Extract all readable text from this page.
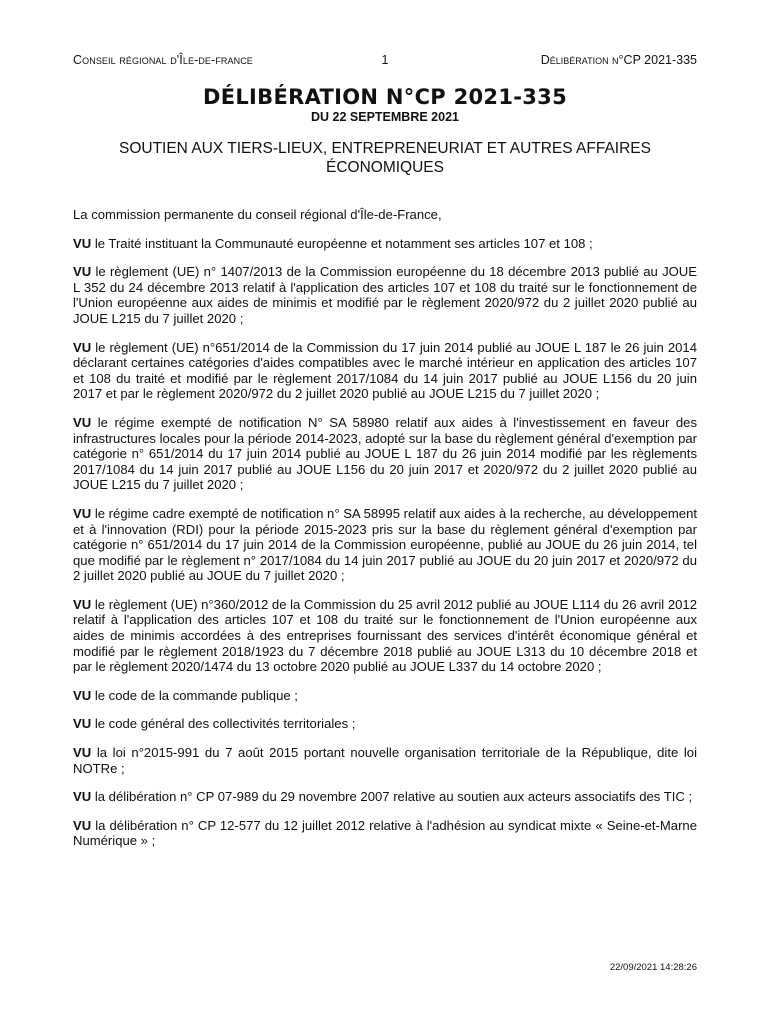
Conseil régional d'Île-de-france	1	Délibération n°CP 2021-335
DÉLIBÉRATION N°CP 2021-335
DU 22 SEPTEMBRE 2021
SOUTIEN AUX TIERS-LIEUX, ENTREPRENEURIAT ET AUTRES AFFAIRES
ÉCONOMIQUES

La commission permanente du conseil régional d'Île-de-France,

VU le Traité instituant la Communauté européenne et notamment ses articles 107 et 108 ;

VU le règlement (UE) n° 1407/2013 de la Commission européenne du 18 décembre 2013 publié au JOUE L 352 du 24 décembre 2013 relatif à l'application des articles 107 et 108 du traité sur le fonctionnement de l'Union européenne aux aides de minimis et modifié par le règlement 2020/972 du 2 juillet 2020 publié au JOUE L215 du 7 juillet 2020 ;

VU le règlement (UE) n°651/2014 de la Commission du 17 juin 2014 publié au JOUE L 187 le 26 juin 2014 déclarant certaines catégories d'aides compatibles avec le marché intérieur en application des articles 107 et 108 du traité et modifié par le règlement 2017/1084 du 14 juin 2017 publié au JOUE L156 du 20 juin 2017 et par le règlement 2020/972 du 2 juillet 2020 publié au JOUE L215 du 7 juillet 2020 ;

VU le régime exempté de notification N° SA 58980 relatif aux aides à l'investissement en faveur des infrastructures locales pour la période 2014-2023, adopté sur la base du règlement général d'exemption par catégorie n° 651/2014 du 17 juin 2014 publié au JOUE L 187 du 26 juin 2014 modifié par les règlements 2017/1084 du 14 juin 2017 publié au JOUE L156 du 20 juin 2017 et 2020/972 du 2 juillet 2020 publié au JOUE L215 du 7 juillet 2020 ;

VU le régime cadre exempté de notification n° SA 58995 relatif aux aides à la recherche, au développement et à l'innovation (RDI) pour la période 2015-2023 pris sur la base du règlement général d'exemption par catégorie n° 651/2014 du 17 juin 2014 de la Commission européenne, publié au JOUE du 26 juin 2014, tel que modifié par le règlement n° 2017/1084 du 14 juin 2017 publié au JOUE du 20 juin 2017 et 2020/972 du 2 juillet 2020 publié au JOUE du 7 juillet 2020 ;

VU le règlement (UE) n°360/2012 de la Commission du 25 avril 2012 publié au JOUE L114 du 26 avril 2012 relatif à l'application des articles 107 et 108 du traité sur le fonctionnement de l'Union européenne aux aides de minimis accordées à des entreprises fournissant des services d'intérêt économique général et modifié par le règlement 2018/1923 du 7 décembre 2018 publié au JOUE L313 du 10 décembre 2018 et par le règlement 2020/1474 du 13 octobre 2020 publié au JOUE L337 du 14 octobre 2020 ;

VU le code de la commande publique ;

VU le code général des collectivités territoriales ;

VU la loi n°2015-991 du 7 août 2015 portant nouvelle organisation territoriale de la République, dite loi NOTRe ;

VU la délibération n° CP 07-989 du 29 novembre 2007 relative au soutien aux acteurs associatifs des TIC ;

VU la délibération n° CP 12-577 du 12 juillet 2012 relative à l'adhésion au syndicat mixte « Seine-et-Marne Numérique » ;

22/09/2021 14:28:26
